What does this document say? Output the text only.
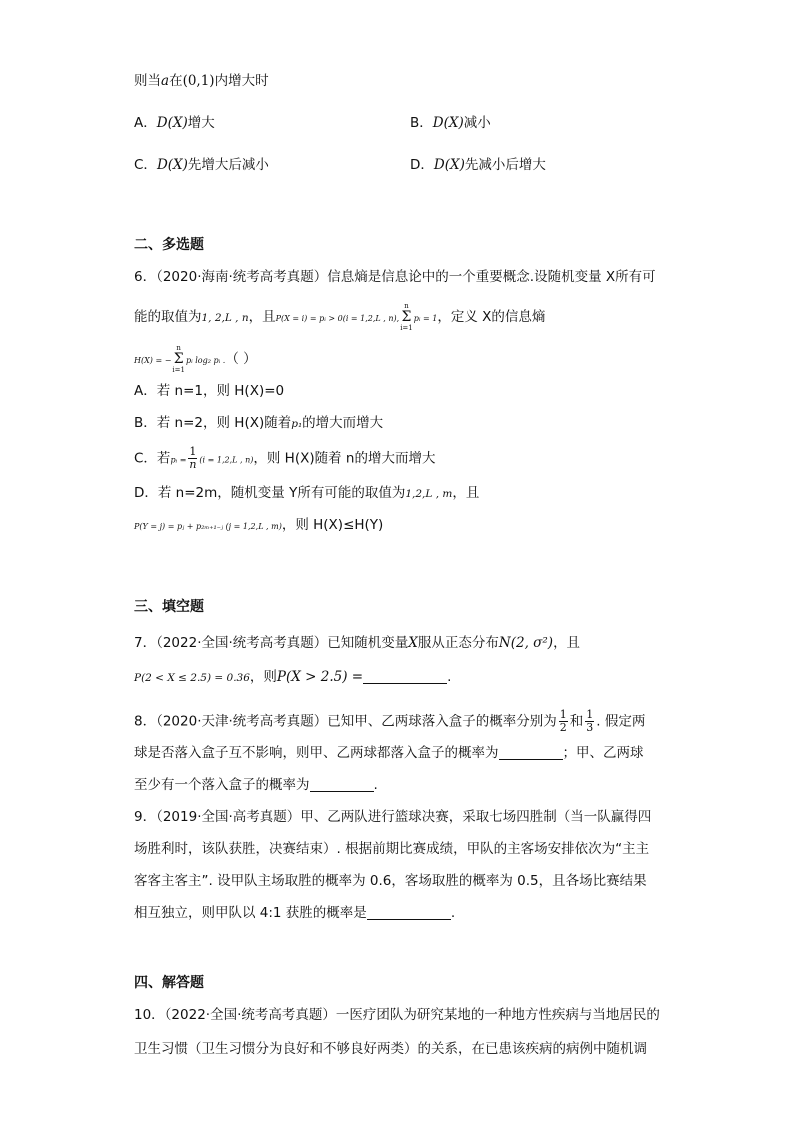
则当a在(0,1)内增大时
A．D(X)增大	B．D(X)减小
C．D(X)先增大后减小	D．D(X)先减小后增大
二、多选题
6．（2020·海南·统考高考真题）信息熵是信息论中的一个重要概念.设随机变量 X所有可
能的取值为1, 2,L , n，且P(X = i) = pᵢ > 0(i = 1,2,L , n),
n
Σ
i=1
pᵢ = 1，定义 X的信息熵
H(X) = −
n
Σ
i=1
pᵢ log₂ pᵢ .（ ）
A．若 n=1，则 H(X)=0
B．若 n=2，则 H(X)随着p₁的增大而增大
C．若pᵢ = $\frac{1}{n} (i = 1,2,L$ , n)，则 H(X)随着 n的增大而增大
D．若 n=2m，随机变量 Y所有可能的取值为1,2,L , m，且
P(Y = j) = pⱼ + p₂ₘ₊₁₋ⱼ (j = 1,2,L , m)，则 H(X)≤H(Y)
三、填空题
7．（2022·全国·统考高考真题）已知随机变量X服从正态分布N(2, σ²)，且
P(2 < X ≤ 2.5) = 0.36，则P(X > 2.5) =	.
8．（2020·天津·统考高考真题）已知甲、乙两球落入盒子的概率分别为 $\frac{1}{2}$ 和 $\frac{1}{3}$ . 假定两
球是否落入盒子互不影响，则甲、乙两球都落入盒子的概率为	；甲、乙两球
至少有一个落入盒子的概率为	.
9．（2019·全国·高考真题）甲、乙两队进行篮球决赛，采取七场四胜制（当一队赢得四
场胜利时，该队获胜，决赛结束）. 根据前期比赛成绩，甲队的主客场安排依次为“主主
客客主客主”. 设甲队主场取胜的概率为 0.6，客场取胜的概率为 0.5，且各场比赛结果
相互独立，则甲队以 4:1 获胜的概率是	.
四、解答题
10．（2022·全国·统考高考真题）一医疗团队为研究某地的一种地方性疾病与当地居民的
卫生习惯（卫生习惯分为良好和不够良好两类）的关系，在已患该疾病的病例中随机调
